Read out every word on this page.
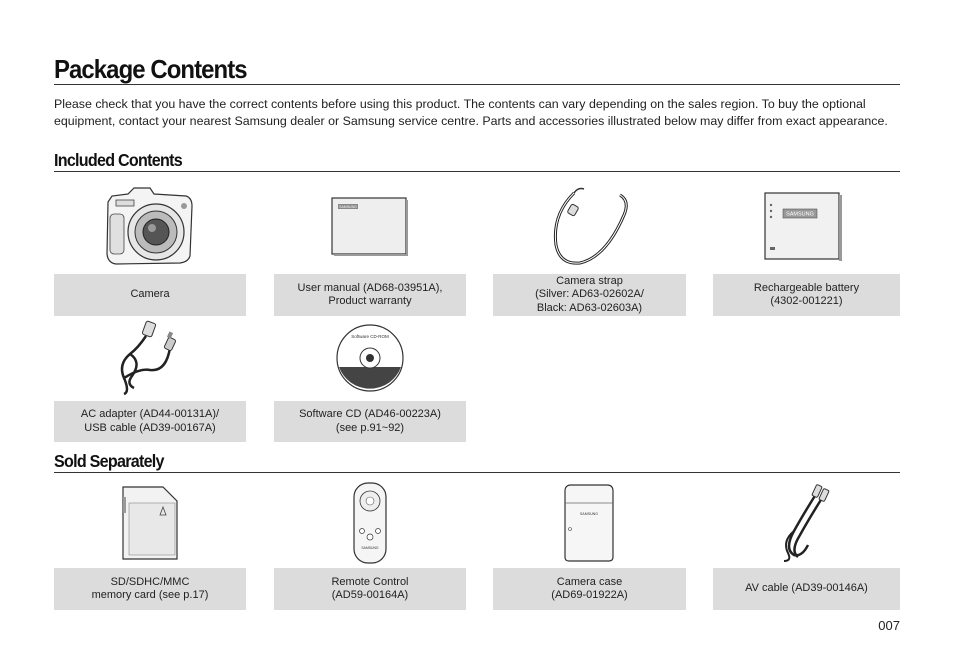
Package Contents

Please check that you have the correct contents before using this product. The contents can vary depending on the sales region. To buy the optional equipment, contact your nearest Samsung dealer or Samsung service centre. Parts and accessories illustrated below may differ from exact appearance.

Included Contents
SAMSUNG
SAMSUNG
Camera
User manual (AD68-03951A),
Product warranty
Camera strap
(Silver: AD63-02602A/
Black: AD63-02603A)
Rechargeable battery
(4302-001221)
Software CD-ROM
AC adapter (AD44-00131A)/
USB cable (AD39-00167A)
Software CD (AD46-00223A)
(see p.91~92)
Sold Separately
SAMSUNG
SAMSUNG
SD/SDHC/MMC
memory card (see p.17)
Remote Control
(AD59-00164A)
Camera case
(AD69-01922A)
AV cable (AD39-00146A)
007
